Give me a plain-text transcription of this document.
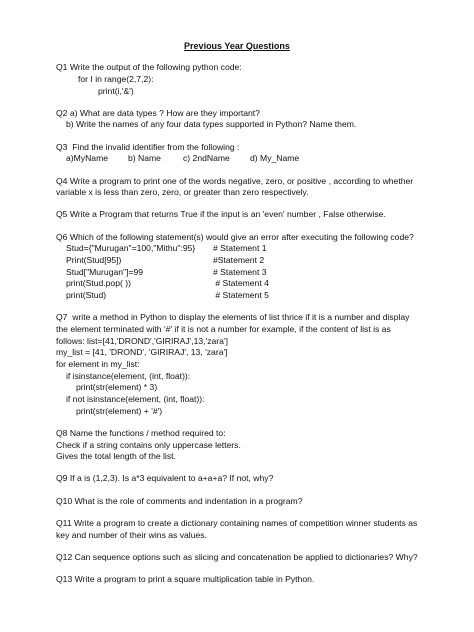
Previous Year Questions
Q1 Write the output of the following python code:
for I in range(2,7,2):
print(i,'&')
Q2 a) What are data types ? How are they important?
b) Write the names of any four data types supported in Python? Name them.
Q3  Find the invalid identifier from the following :
a)MyName	b) Name	c) 2ndName	d) My_Name
Q4 Write a program to print one of the words negative, zero, or positive , according to whether
variable x is less than zero, zero, or greater than zero respectively.
Q5 Write a Program that returns True if the input is an 'even' number , False otherwise.
Q6 Which of the following statement(s) would give an error after executing the following code?
Stud={"Murugan"=100,"Mithu":95}	# Statement 1
Print(Stud[95])	#Statement 2
Stud["Murugan"]=99	# Statement 3
print(Stud.pop( ))	# Statement 4
print(Stud)	# Statement 5
Q7  write a method in Python to display the elements of list thrice if it is a number and display
the element terminated with '#' if it is not a number for example, if the content of list is as
follows: list=[41,'DROND','GIRIRAJ',13,'zara']
my_list = [41, 'DROND', 'GIRIRAJ', 13, 'zara']
for element in my_list:
if isinstance(element, (int, float)):
print(str(element) * 3)
if not isinstance(element, (int, float)):
print(str(element) + '#')
Q8 Name the functions / method required to:
Check if a string contains only uppercase letters.
Gives the total length of the list.
Q9 If a is (1,2,3). Is a*3 equivalent to a+a+a? If not, why?
Q10 What is the role of comments and indentation in a program?
Q11 Write a program to create a dictionary containing names of competition winner students as
key and number of their wins as values.
Q12 Can sequence options such as slicing and concatenation be applied to dictionaries? Why?
Q13 Write a program to print a square multiplication table in Python.
